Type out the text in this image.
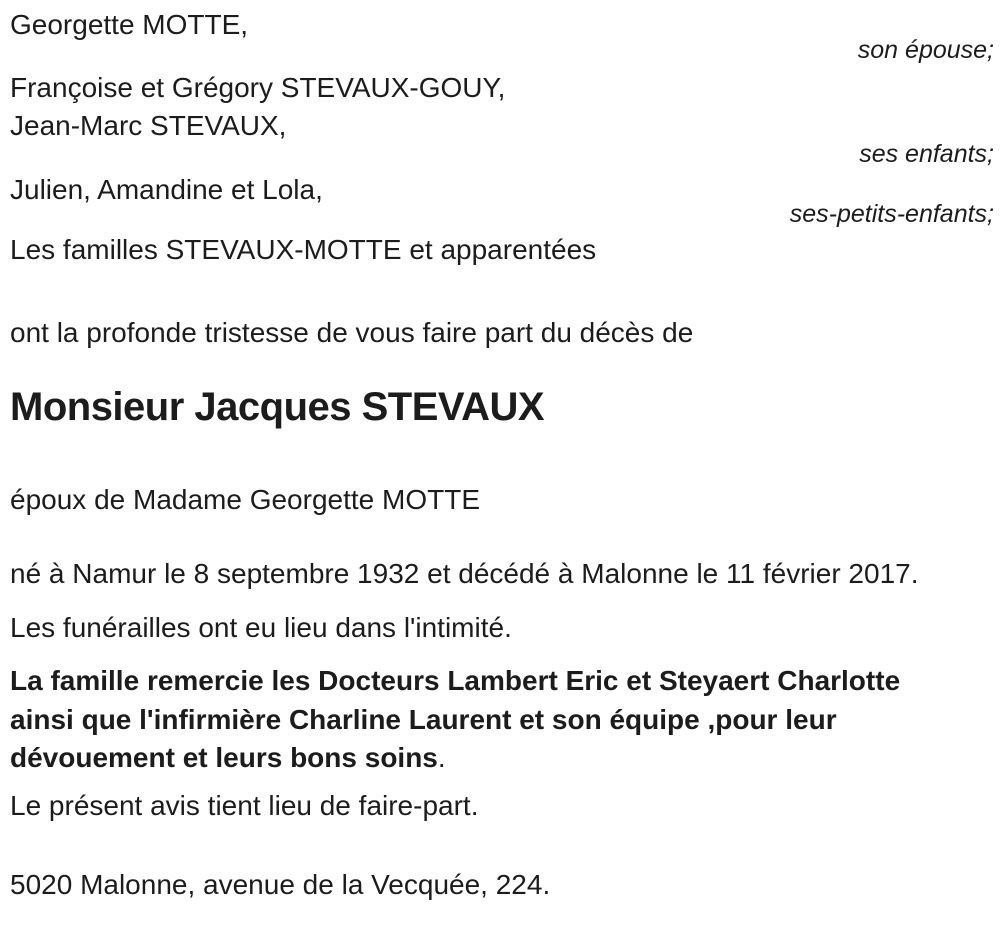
Georgette MOTTE,
son épouse;
Françoise et Grégory STEVAUX-GOUY,
Jean-Marc STEVAUX,
ses enfants;
Julien, Amandine et Lola,
ses-petits-enfants;
Les familles STEVAUX-MOTTE et apparentées
ont la profonde tristesse de vous faire part du décès de
Monsieur Jacques STEVAUX
époux de Madame Georgette MOTTE
né à Namur le 8 septembre 1932 et décédé à Malonne le 11 février 2017.
Les funérailles ont eu lieu dans l'intimité.
La famille remercie les Docteurs Lambert Eric et Steyaert Charlotte
ainsi que l'infirmière Charline Laurent et son équipe ,pour leur
dévouement et leurs bons soins.
Le présent avis tient lieu de faire-part.
5020 Malonne, avenue de la Vecquée, 224.
